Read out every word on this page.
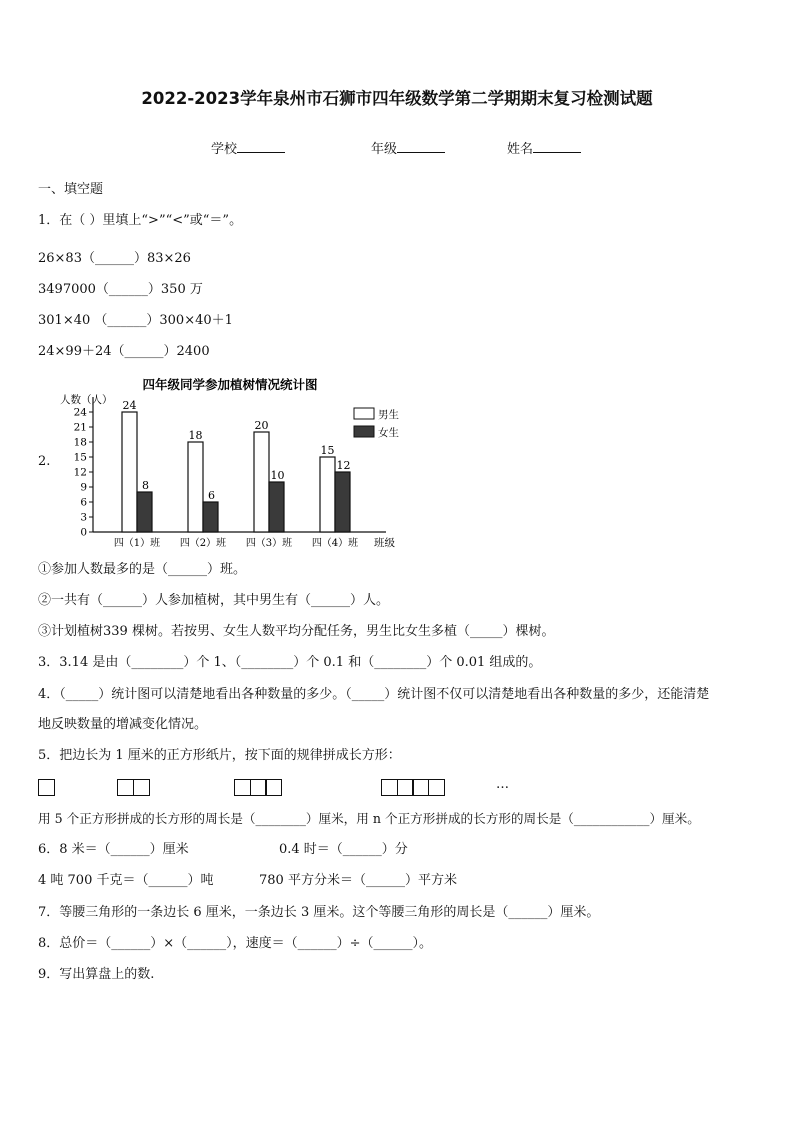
2022-2023学年泉州市石狮市四年级数学第二学期期末复习检测试题
学校	年级	姓名
一、填空题
1．在（ ）里填上“>”“<”或“＝”。
26×83（______）83×26
3497000（______）350 万
301×40 （______）300×40＋1
24×99＋24（______）2400
2.
四年级同学参加植树情况统计图
人数（人）
0
3
6
9
12
15
18
21
24
24
8
18
6
20
10
15
12
四（1）班 四（2）班 四（3）班 四（4）班 班级
男生
女生
①参加人数最多的是（______）班。
②一共有（______）人参加植树，其中男生有（______）人。
③计划植树339 棵树。若按男、女生人数平均分配任务，男生比女生多植（_____）棵树。
3．3.14 是由（________）个 1、（________）个 0.1 和（________）个 0.01 组成的。
4．（_____）统计图可以清楚地看出各种数量的多少。（_____）统计图不仅可以清楚地看出各种数量的多少，还能清楚
地反映数量的增减变化情况。
5．把边长为 1 厘米的正方形纸片，按下面的规律拼成长方形：
…
用 5 个正方形拼成的长方形的周长是（________）厘米，用 n 个正方形拼成的长方形的周长是（____________）厘米。
6．8 米＝（______）厘米	0.4 时＝（______）分
4 吨 700 千克＝（______）吨	780 平方分米＝（______）平方米
7．等腰三角形的一条边长 6 厘米，一条边长 3 厘米。这个等腰三角形的周长是（______）厘米。
8．总价＝（______）×（______），速度＝（______）÷（______）。
9．写出算盘上的数.
